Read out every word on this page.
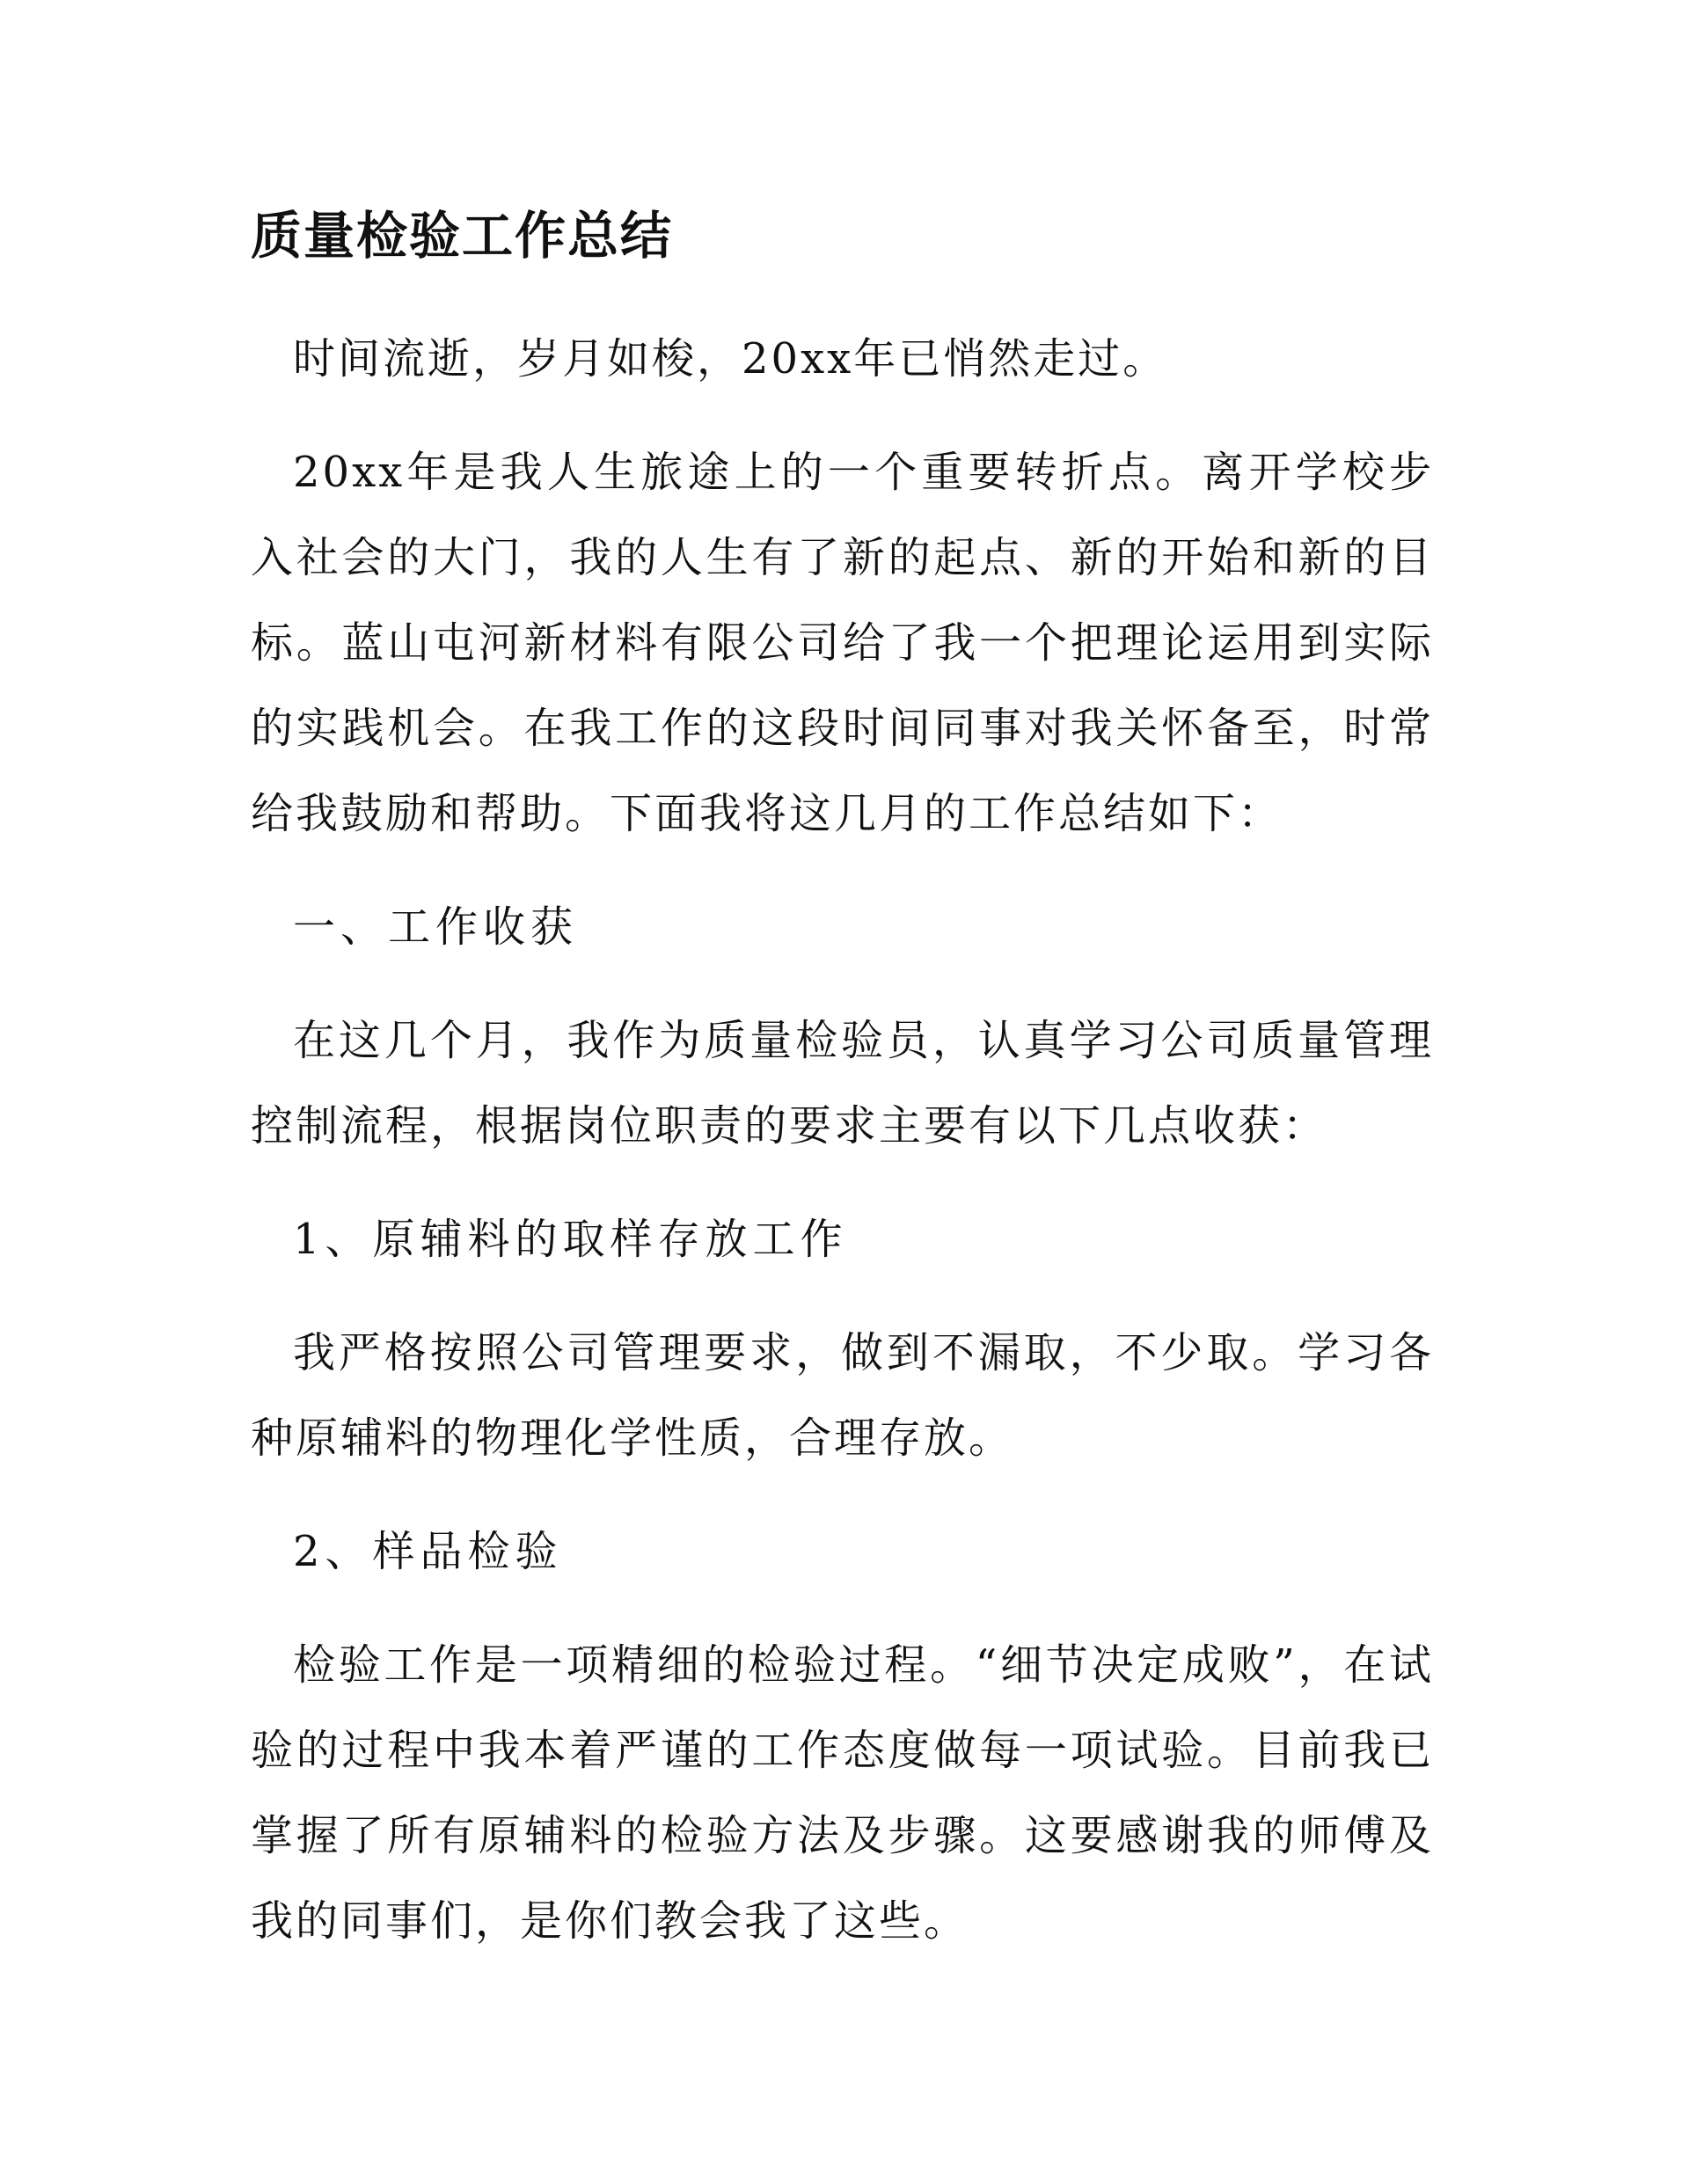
质量检验工作总结

时间流逝，岁月如梭，20xx年已悄然走过。

20xx年是我人生旅途上的一个重要转折点。离开学校步入社会的大门，我的人生有了新的起点、新的开始和新的目标。蓝山屯河新材料有限公司给了我一个把理论运用到实际的实践机会。在我工作的这段时间同事对我关怀备至，时常给我鼓励和帮助。下面我将这几月的工作总结如下：

一、工作收获

在这几个月，我作为质量检验员，认真学习公司质量管理控制流程，根据岗位职责的要求主要有以下几点收获：

1、原辅料的取样存放工作

我严格按照公司管理要求，做到不漏取，不少取。学习各种原辅料的物理化学性质，合理存放。

2、样品检验

检验工作是一项精细的检验过程。“细节决定成败”，在试验的过程中我本着严谨的工作态度做每一项试验。目前我已掌握了所有原辅料的检验方法及步骤。这要感谢我的师傅及我的同事们，是你们教会我了这些。
